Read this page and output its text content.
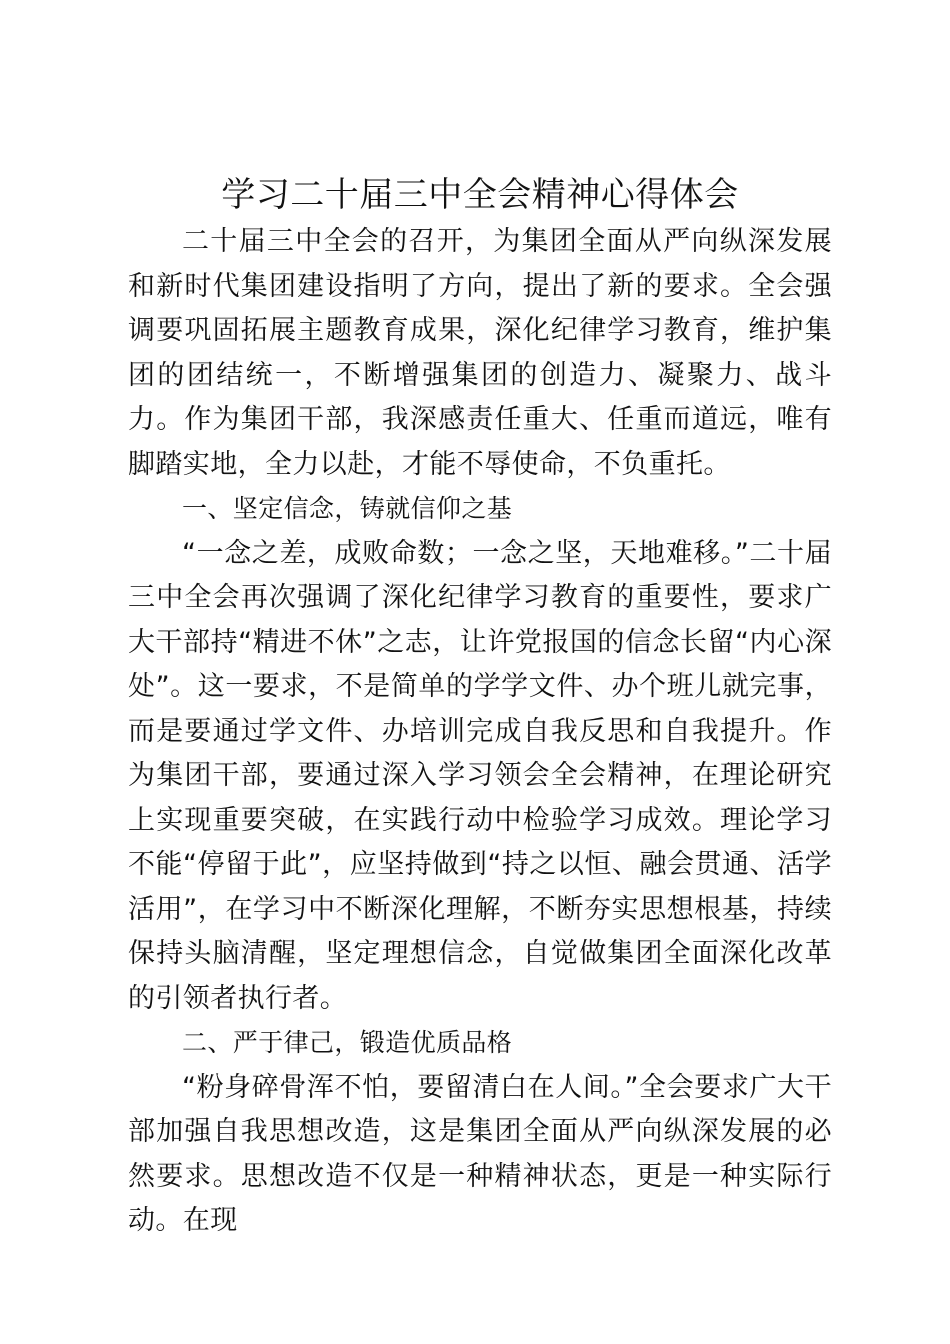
学习二十届三中全会精神心得体会

二十届三中全会的召开，为集团全面从严向纵深发展和新时代集团建设指明了方向，提出了新的要求。全会强调要巩固拓展主题教育成果，深化纪律学习教育，维护集团的团结统一，不断增强集团的创造力、凝聚力、战斗力。作为集团干部，我深感责任重大、任重而道远，唯有脚踏实地，全力以赴，才能不辱使命，不负重托。

一、坚定信念，铸就信仰之基

“一念之差，成败命数；一念之坚，天地难移。”二十届三中全会再次强调了深化纪律学习教育的重要性，要求广大干部持“精进不休”之志，让许党报国的信念长留“内心深处”。这一要求，不是简单的学学文件、办个班儿就完事，而是要通过学文件、办培训完成自我反思和自我提升。作为集团干部，要通过深入学习领会全会精神，在理论研究上实现重要突破，在实践行动中检验学习成效。理论学习不能“停留于此”，应坚持做到“持之以恒、融会贯通、活学活用”，在学习中不断深化理解，不断夯实思想根基，持续保持头脑清醒，坚定理想信念，自觉做集团全面深化改革的引领者执行者。

二、严于律己，锻造优质品格

“粉身碎骨浑不怕，要留清白在人间。”全会要求广大干部加强自我思想改造，这是集团全面从严向纵深发展的必然要求。思想改造不仅是一种精神状态，更是一种实际行动。在现
